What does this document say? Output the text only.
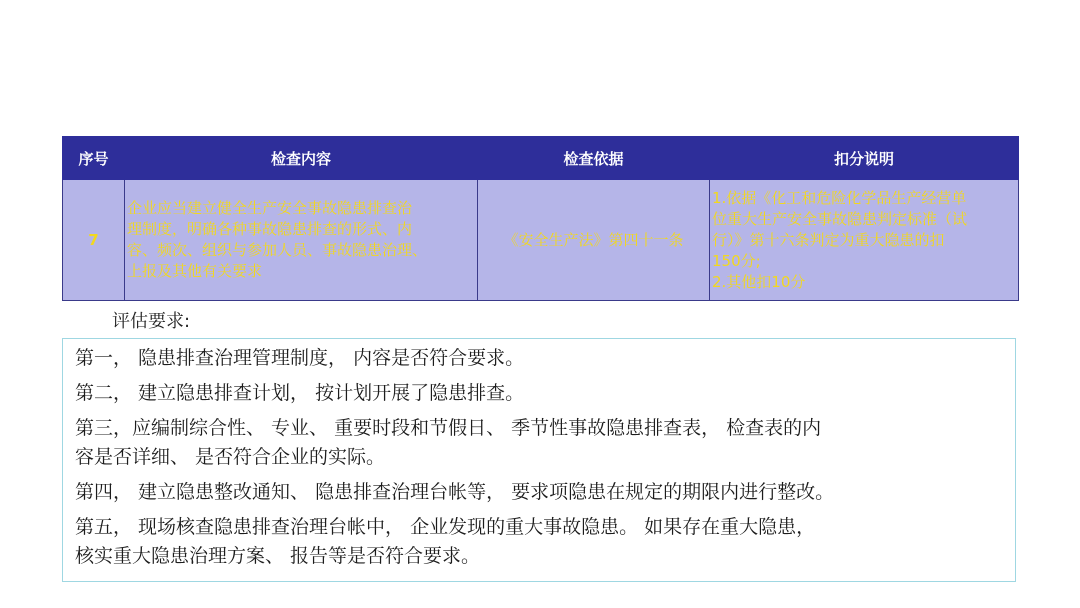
序号	检查内容	检查依据	扣分说明
7	企业应当建立健全生产安全事故隐患排查治
理制度，明确各种事故隐患排查的形式、内
容、频次、组织与参加人员、事故隐患治理、
上报及其他有关要求	《安全生产法》第四十一条	1.依据《化工和危险化学品生产经营单
位重大生产安全事故隐患判定标准（试
行）》第十六条判定为重大隐患的扣
150分;
2.其他扣10分
评估要求:
第一， 隐患排查治理管理制度， 内容是否符合要求。
第二， 建立隐患排查计划， 按计划开展了隐患排查。
第三，应编制综合性、 专业、 重要时段和节假日、 季节性事故隐患排查表， 检查表的内
容是否详细、 是否符合企业的实际。
第四， 建立隐患整改通知、 隐患排查治理台帐等， 要求项隐患在规定的期限内进行整改。
第五， 现场核查隐患排查治理台帐中， 企业发现的重大事故隐患。 如果存在重大隐患，
核实重大隐患治理方案、 报告等是否符合要求。
